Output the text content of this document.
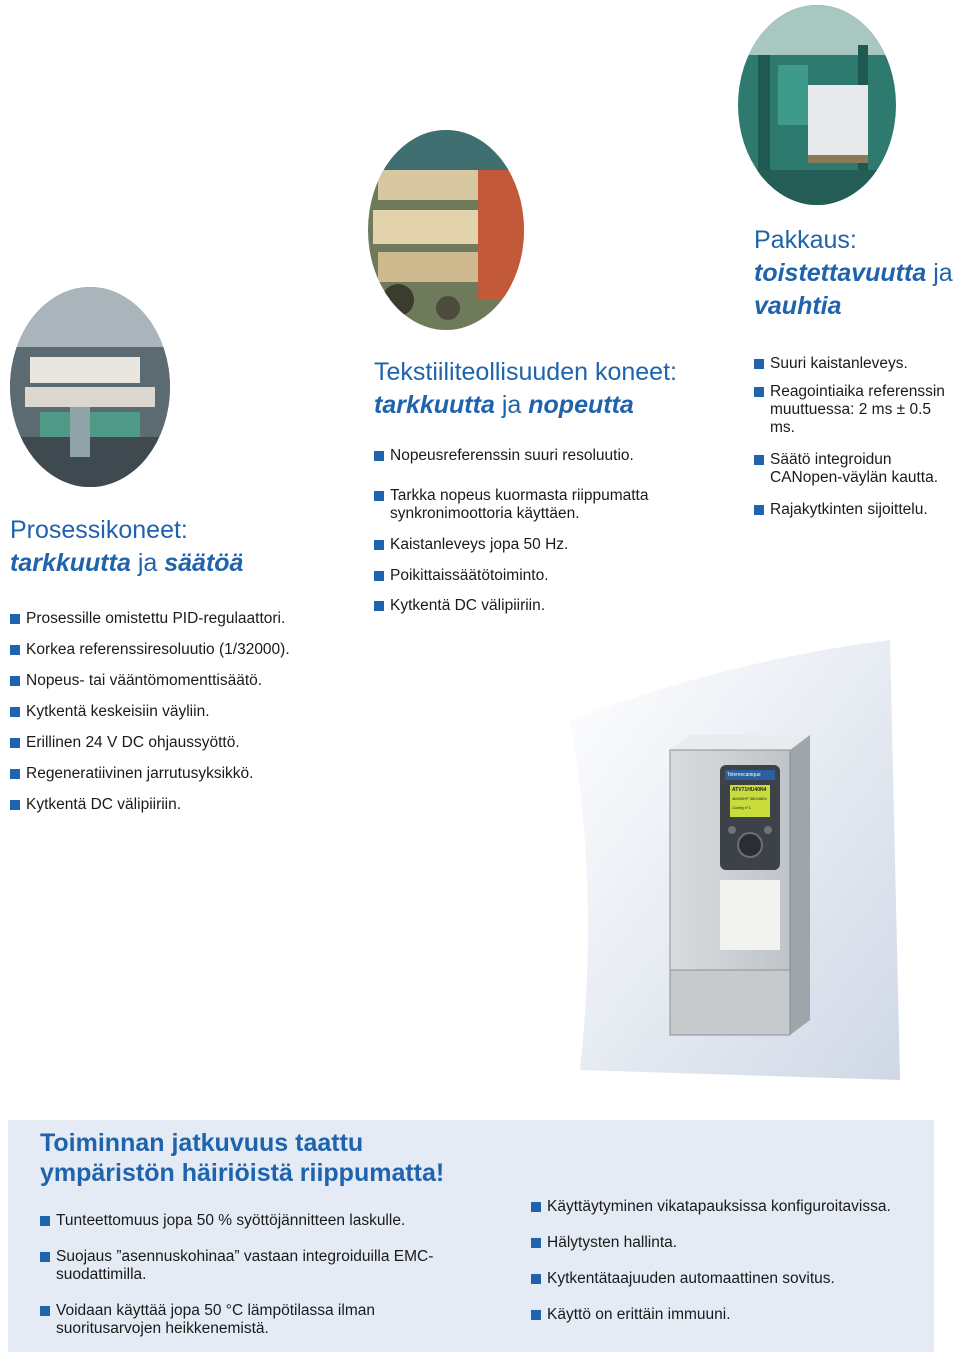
Prosessikoneet:
tarkkuutta ja säätöä
Prosessille omistettu PID-regulaattori.
Korkea referenssiresoluutio (1/32000).
Nopeus- tai vääntömomenttisäätö.
Kytkentä keskeisiin väyliin.
Erillinen 24 V DC ohjaussyöttö.
Regeneratiivinen jarrutusyksikkö.
Kytkentä DC välipiiriin.
Tekstiiliteollisuuden koneet:
tarkkuutta ja nopeutta
Nopeusreferenssin suuri resoluutio.
Tarkka nopeus kuormasta riippumatta synkronimoottoria käyttäen.
Kaistanleveys jopa 50 Hz.
Poikittaissäätötoiminto.
Kytkentä DC välipiiriin.
Pakkaus:
toistettavuutta ja
vauhtia
Suuri kaistanleveys.
Reagointiaika referenssin muuttuessa: 2 ms ± 0.5 ms.
Säätö integroidun CANopen-väylän kautta.
Rajakytkinten sijoittelu.
Telemecanique
ATV71HU40N4
4kW/5HP 380/480V
Config n°1
Toiminnan jatkuvuus taattu
ympäristön häiriöistä riippumatta!
Tunteettomuus jopa 50 % syöttöjännitteen laskulle.
Suojaus ”asennuskohinaa” vastaan integroiduilla EMC-suodattimilla.
Voidaan käyttää jopa 50 °C lämpötilassa ilman suoritusarvojen heikkenemistä.
Käyttäytyminen vikatapauksissa konfiguroitavissa.
Hälytysten hallinta.
Kytkentätaajuuden automaattinen sovitus.
Käyttö on erittäin immuuni.
